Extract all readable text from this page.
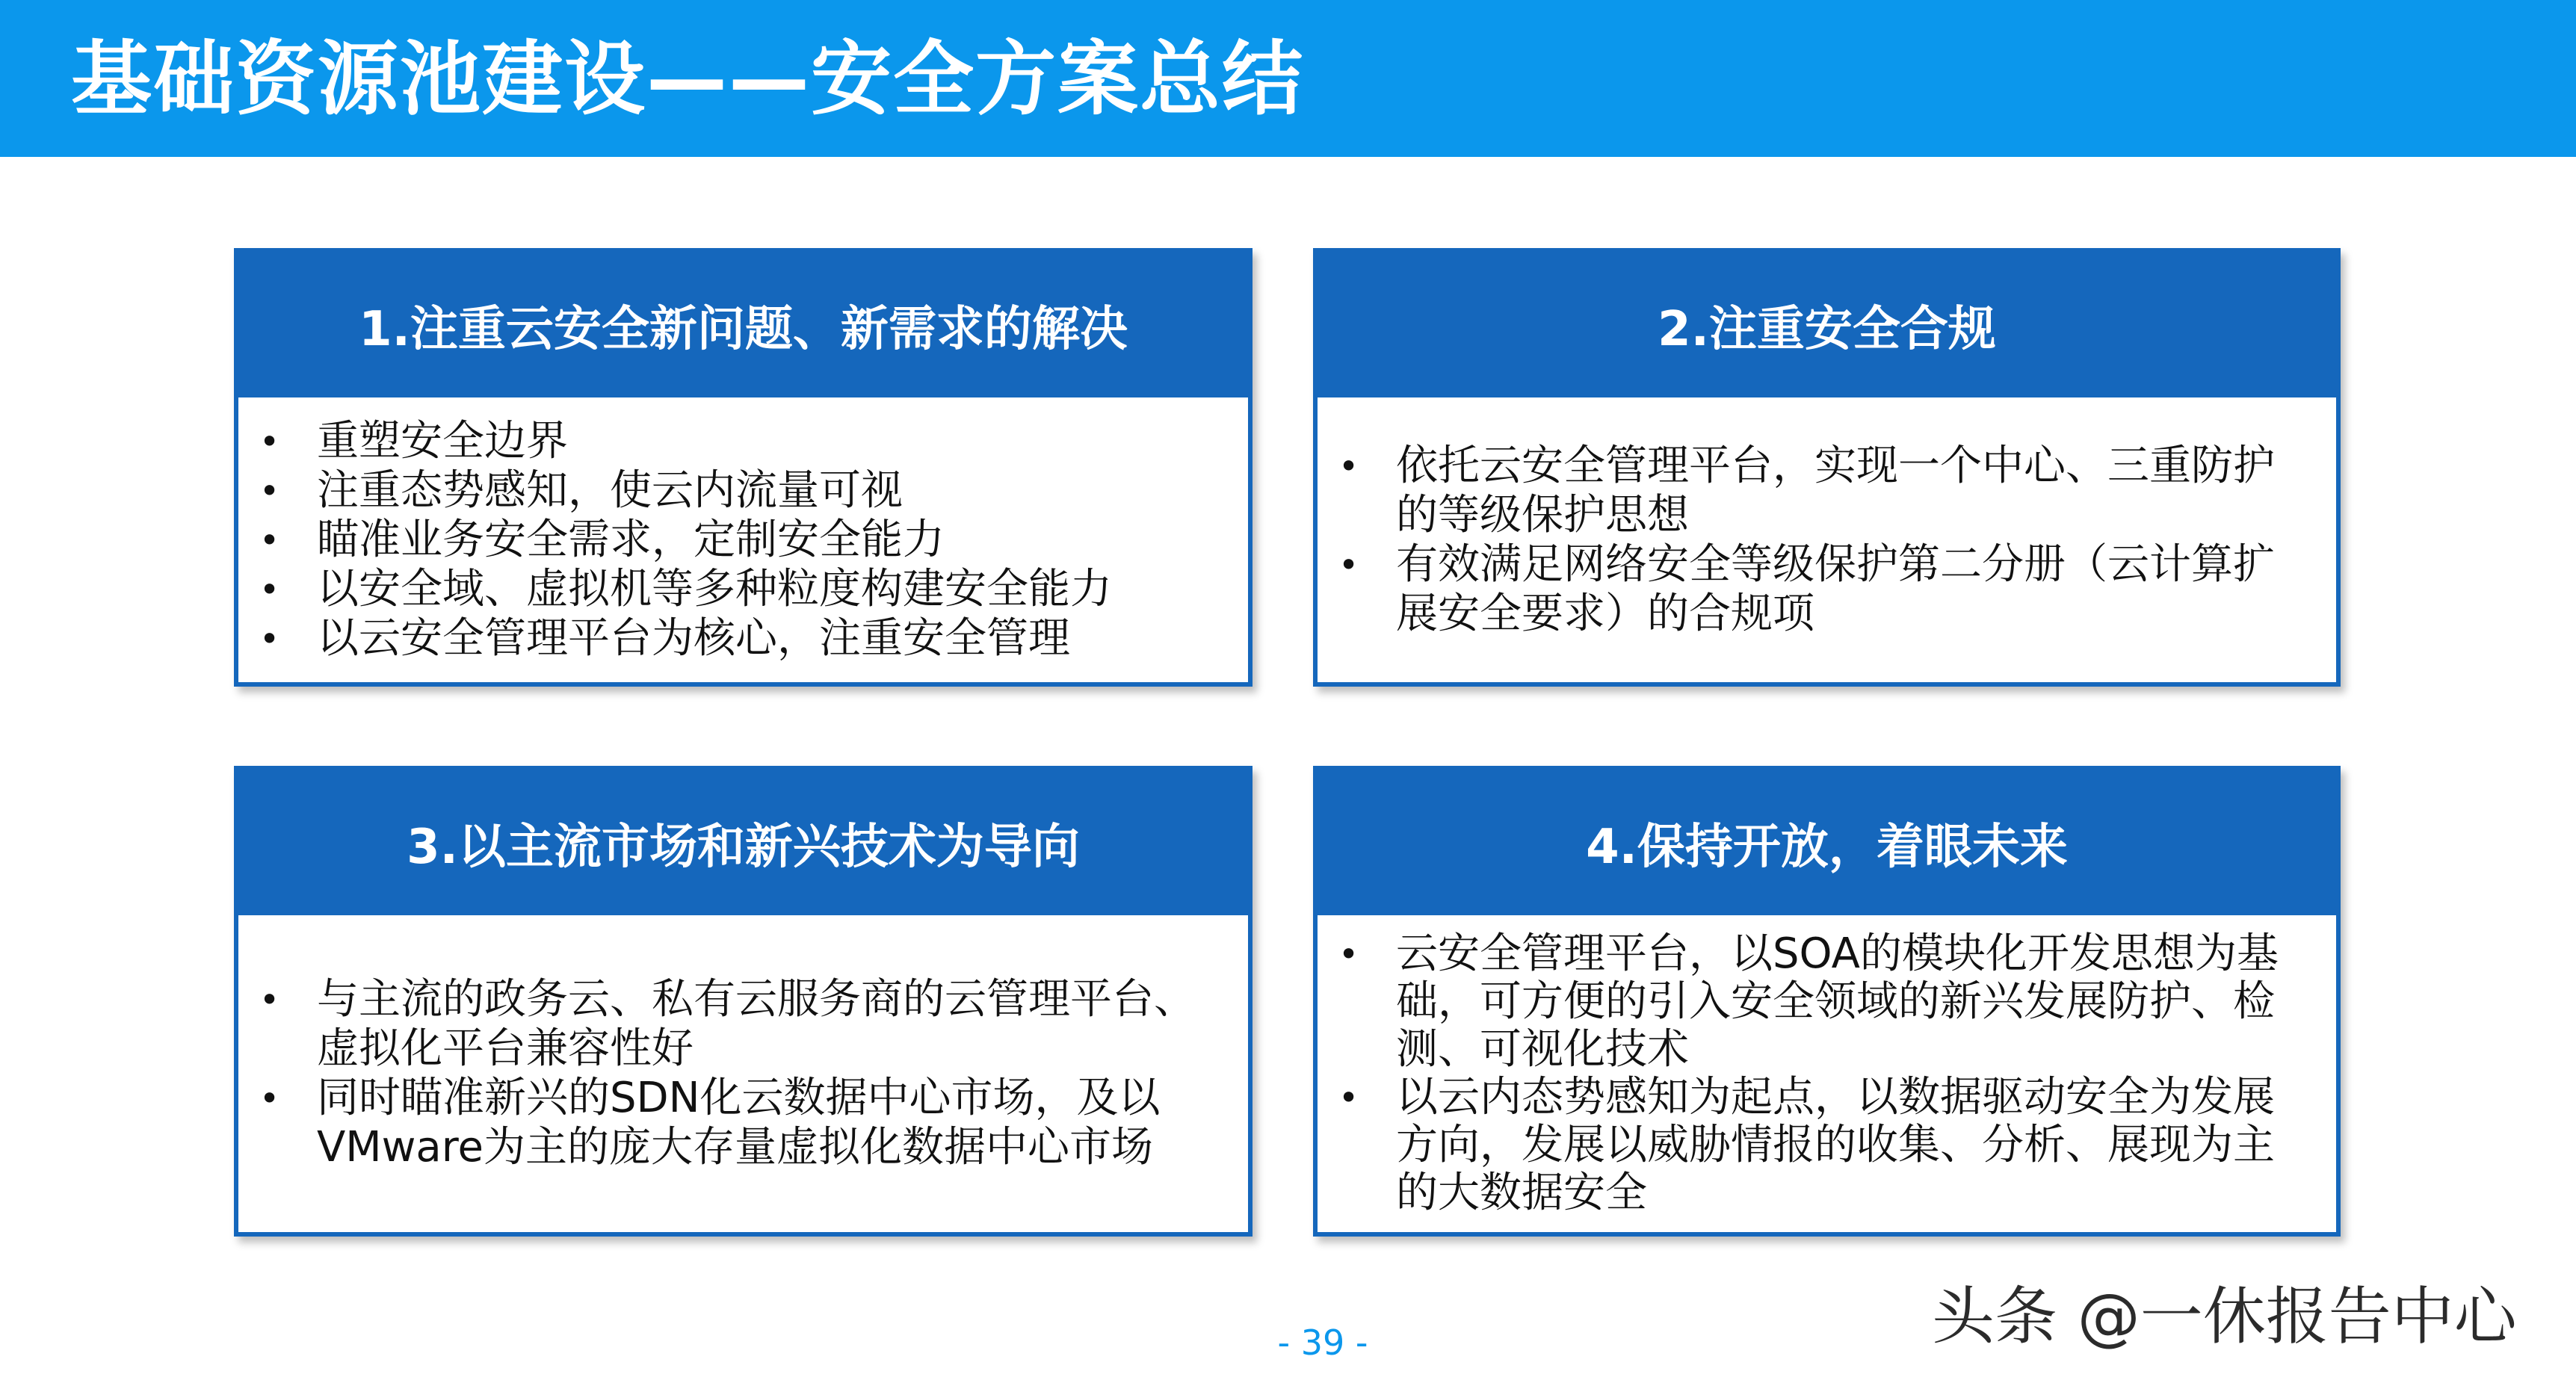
基础资源池建设——安全方案总结
1.注重云安全新问题、新需求的解决
• 重塑安全边界
• 注重态势感知，使云内流量可视
• 瞄准业务安全需求，定制安全能力
• 以安全域、虚拟机等多种粒度构建安全能力
• 以云安全管理平台为核心，注重安全管理
2.注重安全合规
• 依托云安全管理平台，实现一个中心、三重防护的等级保护思想
• 有效满足网络安全等级保护第二分册（云计算扩展安全要求）的合规项
3.以主流市场和新兴技术为导向
• 与主流的政务云、私有云服务商的云管理平台、虚拟化平台兼容性好
• 同时瞄准新兴的SDN化云数据中心市场，及以VMware为主的庞大存量虚拟化数据中心市场
4.保持开放，着眼未来
• 云安全管理平台，以SOA的模块化开发思想为基础，可方便的引入安全领域的新兴发展防护、检测、可视化技术
• 以云内态势感知为起点，以数据驱动安全为发展方向，发展以威胁情报的收集、分析、展现为主的大数据安全
头条 @一休报告中心
- 39 -
